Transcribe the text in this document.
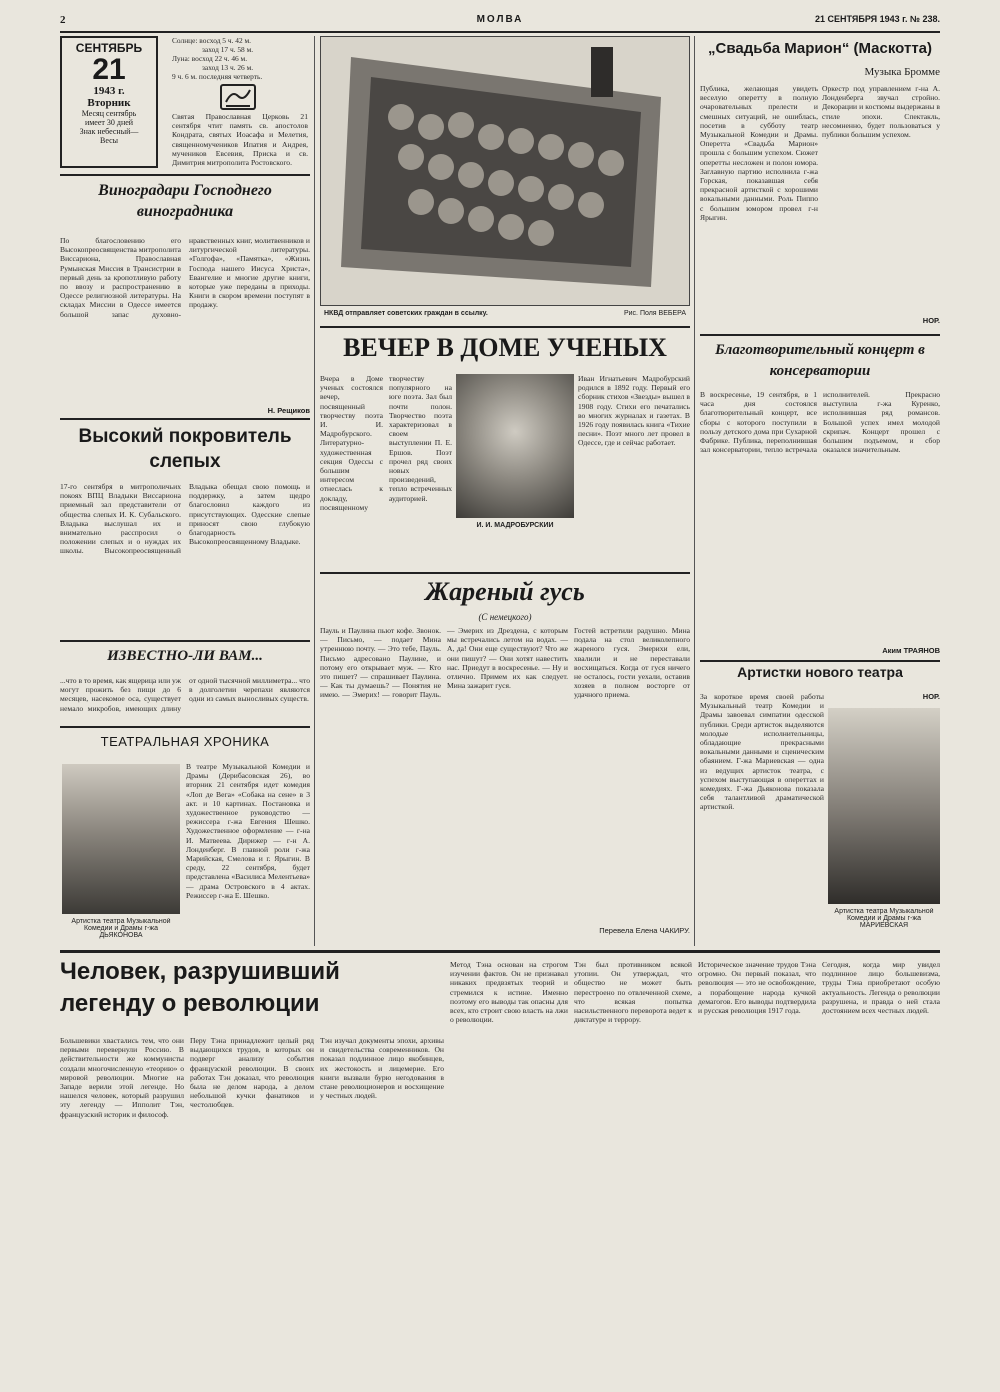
2	МОЛВА	21 СЕНТЯБРЯ 1943 г. № 238.
СЕНТЯБРЬ
21
1943 г.
Вторник
Месяц сентябрь
имеет 30 дней
Знак небесный—
Весы
Солнце: восход 5 ч. 42 м.
заход 17 ч. 58 м.
Луна: восход 22 ч. 46 м.
заход 13 ч. 26 м.
9 ч. 6 м. последняя четверть.
Святая Православная Церковь 21 сентября чтит память св. апостолов Кондрата, святых Иоасафа и Мелетия, священномучеников Ипатия и Андрея, мучеников Евсевия, Приска и св. Димитрия митрополита Ростовского.
Виноградари Господнего виноградника
По благословению его Высокопреосвященства митрополита Виссариона, Православная Румынская Миссия в Трансистрии в первый день за кропотливую работу по ввозу и распространению в Одессе религиозной литературы. На складах Миссии в Одессе имеется большой запас духовно-нравственных книг, молитвенников и литургической литературы. «Голгофа», «Памятка», «Жизнь Господа нашего Иисуса Христа», Евангелие и многие другие книги, которые уже переданы в приходы. Книги в скором времени поступят в продажу.
Н. Рещиков
Высокий покровитель слепых
17-го сентября в митрополичьих покоях ВПЦ Владыки Виссариона приемный зал представители от общества слепых И. К. Субальского. Владыка выслушал их и внимательно расспросил о положении слепых и о нуждах их школы. Высокопреосвященный Владыка обещал свою помощь и поддержку, а затем щедро благословил каждого из присутствующих. Одесские слепые приносят свою глубокую благодарность Высокопреосвященному Владыке.
ИЗВЕСТНО-ЛИ ВАМ...
...что в то время, как ящерица или уж могут прожить без пищи до 6 месяцев, насекомое оса, существует немало микробов, имеющих длину от одной тысячной миллиметра... что в долголетии черепахи являются одни из самых выносливых существ.
ТЕАТРАЛЬНАЯ ХРОНИКА
Артистка театра Музыкальной Комедии и Драмы г-жа ДЬЯКОНОВА
В театре Музыкальной Комедии и Драмы (Дерибасовская 26), во вторник 21 сентября идет комедия «Лоп де Вега» «Собака на сене» в 3 акт. и 10 картинах. Постановка и художественное руководство — режиссера г-жа Евгения Шешко. Художественное оформление — г-на И. Матвеева. Дирижер — г-н А. Лонденберг. В главной роли г-жа Марийская, Смелова и г. Ярыгин. В среду, 22 сентября, будет представлена «Василиса Мелентьева» — драма Островского в 4 актах. Режиссер г-жа Е. Шешко.
НКВД отправляет советских граждан в ссылку.	Рис. Поля ВЕБЕРА
ВЕЧЕР В ДОМЕ УЧЕНЫХ
Вчера в Доме ученых состоялся вечер, посвященный творчеству поэта И. И. Мадробурского. Литературно-художественная секция Одессы с большим интересом отнеслась к докладу, посвященному творчеству популярного на юге поэта. Зал был почти полон. Творчество поэта характеризовал в своем выступлении П. Е. Ершов. Поэт прочел ряд своих новых произведений, тепло встреченных аудиторией.
И. И. МАДРОБУРСКИЙ
Иван Игнатьевич Мадробурский родился в 1892 году. Первый его сборник стихов «Звезды» вышел в 1908 году. Стихи его печатались во многих журналах и газетах. В 1926 году появилась книга «Тихие песни». Поэт много лет провел в Одессе, где и сейчас работает.
Жареный гусь
(С немецкого)
Пауль и Паулина пьют кофе. Звонок. — Письмо, — подает Мина утреннюю почту. — Это тебе, Пауль. Письмо адресовано Паулине, и потому его открывает муж. — Кто это пишет? — спрашивает Паулина. — Как ты думаешь? — Понятия не имею. — Эмерих! — говорит Пауль. — Эмерих из Дрездена, с которым мы встречались летом на водах. — А, да! Они еще существуют? Что же они пишут? — Они хотят навестить нас. Приедут в воскресенье. — Ну и отлично. Примем их как следует. Мина зажарит гуся.
Гостей встретили радушно. Мина подала на стол великолепного жареного гуся. Эмерихи ели, хвалили и не переставали восхищаться. Когда от гуся ничего не осталось, гости уехали, оставив хозяев в полном восторге от удачного приема.
Перевела Елена ЧАКИРУ.
„Свадьба Марион“ (Маскотта)
Музыка Бромме
Публика, желающая увидеть веселую оперетту в полную очаровательных прелести и смешных ситуаций, не ошиблась, посетив в субботу театр Музыкальной Комедии и Драмы. Оперетта «Свадьба Марион» прошла с большим успехом. Сюжет оперетты несложен и полон юмора. Заглавную партию исполнила г-жа Горская, показавшая себя прекрасной артисткой с хорошими вокальными данными. Роль Пиппо с большим юмором провел г-н Ярыгин.
Оркестр под управлением г-на А. Лонденберга звучал стройно. Декорации и костюмы выдержаны в стиле эпохи. Спектакль, несомненно, будет пользоваться у публики большим успехом.
НОР.
Благотворительный концерт в консерватории
В воскресенье, 19 сентября, в 1 часа дня состоялся благотворительный концерт, все сборы с которого поступили в пользу детского дома при Сухарной Фабрике. Публика, переполнившая зал консерватории, тепло встречала исполнителей. Прекрасно выступила г-жа Куренко, исполнившая ряд романсов. Большой успех имел молодой скрипач. Концерт прошел с большим подъемом, и сбор оказался значительным.
Аким ТРАЯНОВ
Артистки нового театра
За короткое время своей работы Музыкальный театр Комедии и Драмы завоевал симпатии одесской публики. Среди артисток выделяются молодые исполнительницы, обладающие прекрасными вокальными данными и сценическим обаянием. Г-жа Мариевская — одна из ведущих артисток театра, с успехом выступающая в опереттах и комедиях. Г-жа Дьяконова показала себя талантливой драматической артисткой.
НОР.
Артистка театра Музыкальной Комедии и Драмы г-жа МАРИЕВСКАЯ
Человек, разрушивший легенду о революции
Большевики хвастались тем, что они первыми перевернули Россию. В действительности же коммунисты создали многочисленную «теорию» о мировой революции. Многие на Западе верили этой легенде. Но нашелся человек, который разрушил эту легенду — Ипполит Тэн, французский историк и философ.
Перу Тэна принадлежит целый ряд выдающихся трудов, в которых он подверг анализу события французской революции. В своих работах Тэн доказал, что революция была не делом народа, а делом небольшой кучки фанатиков и честолюбцев.
Тэн изучал документы эпохи, архивы и свидетельства современников. Он показал подлинное лицо якобинцев, их жестокость и лицемерие. Его книги вызвали бурю негодования в стане революционеров и восхищение у честных людей.
Метод Тэна основан на строгом изучении фактов. Он не признавал никаких предвзятых теорий и стремился к истине. Именно поэтому его выводы так опасны для всех, кто строит свою власть на лжи о революции.
Тэн был противником всякой утопии. Он утверждал, что общество не может быть перестроено по отвлеченной схеме, что всякая попытка насильственного переворота ведет к диктатуре и террору.
Историческое значение трудов Тэна огромно. Он первый показал, что революция — это не освобождение, а порабощение народа кучкой демагогов. Его выводы подтвердила и русская революция 1917 года.
Сегодня, когда мир увидел подлинное лицо большевизма, труды Тэна приобретают особую актуальность. Легенда о революции разрушена, и правда о ней стала достоянием всех честных людей.
